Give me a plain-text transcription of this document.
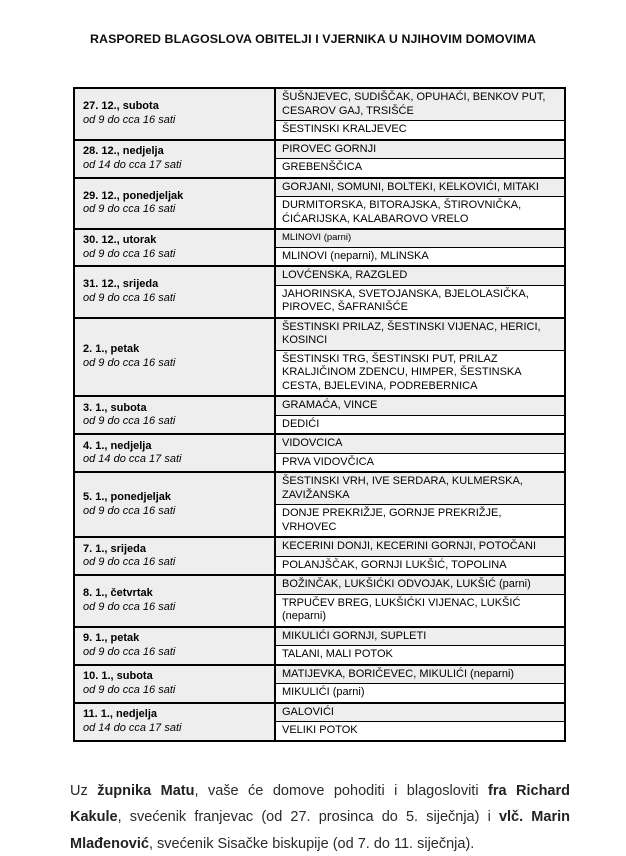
RASPORED BLAGOSLOVA OBITELJI I VJERNIKA U NJIHOVIM DOMOVIMA
27. 12., subota
od 9 do cca 16 sati	ŠUŠNJEVEC, SUDIŠČAK, OPUHAĆI, BENKOV PUT, CESAROV GAJ, TRSIŠĆE
	ŠESTINSKI KRALJEVEC

28. 12., nedjelja
od 14 do cca 17 sati	PIROVEC GORNJI
	GREBENŠČICA

29. 12., ponedjeljak
od 9 do cca 16 sati	GORJANI, SOMUNI, BOLTEKI, KELKOVIĆI, MITAKI
	DURMITORSKA, BITORAJSKA, ŠTIROVNIČKA, ĆIĆARIJSKA, KALABAROVO VRELO

30. 12., utorak
od 9 do cca 16 sati	MLINOVI (parni)
	MLINOVI (neparni), MLINSKA

31. 12., srijeda
od 9 do cca 16 sati	LOVĆENSKA, RAZGLED
	JAHORINSKA, SVETOJANSKA, BJELOLASIČKA, PIROVEC, ŠAFRANIŠĆE

2. 1., petak
od 9 do cca 16 sati	ŠESTINSKI PRILAZ, ŠESTINSKI VIJENAC, HERICI, KOSINCI
	ŠESTINSKI TRG, ŠESTINSKI PUT, PRILAZ KRALJIČINOM ZDENCU, HIMPER, ŠESTINSKA CESTA, BJELEVINA, PODREBERNICA

3. 1., subota
od 9 do cca 16 sati	GRAMAĆA, VINCE
	DEDIĆI

4. 1., nedjelja
od 14 do cca 17 sati	VIDOVCICA
	PRVA VIDOVČICA

5. 1., ponedjeljak
od 9 do cca 16 sati	ŠESTINSKI VRH, IVE SERDARA, KULMERSKA, ZAVIŽANSKA
	DONJE PREKRIŽJE, GORNJE PREKRIŽJE, VRHOVEC

7. 1., srijeda
od 9 do cca 16 sati	KECERINI DONJI, KECERINI GORNJI, POTOČANI
	POLANJŠČAK, GORNJI LUKŠIĆ, TOPOLINA

8. 1., četvrtak
od 9 do cca 16 sati	BOŽINČAK, LUKŠIĆKI ODVOJAK, LUKŠIĆ (parni)
	TRPUČEV BREG, LUKŠIĆKI VIJENAC, LUKŠIĆ (neparni)

9. 1., petak
od 9 do cca 16 sati	MIKULIĆI GORNJI, SUPLETI
	TALANI, MALI POTOK

10. 1., subota
od 9 do cca 16 sati	MATIJEVKA, BORIČEVEC, MIKULIĆI (neparni)
	MIKULIĆI (parni)

11. 1., nedjelja
od 14 do cca 17 sati	GALOVIĆI
	VELIKI POTOK

Uz župnika Matu, vaše će domove pohoditi i blagosloviti fra Richard Kakule, svećenik franjevac (od 27. prosinca do 5. siječnja) i vlč. Marin Mlađenović, svećenik Sisačke biskupije (od 7. do 11. siječnja).
